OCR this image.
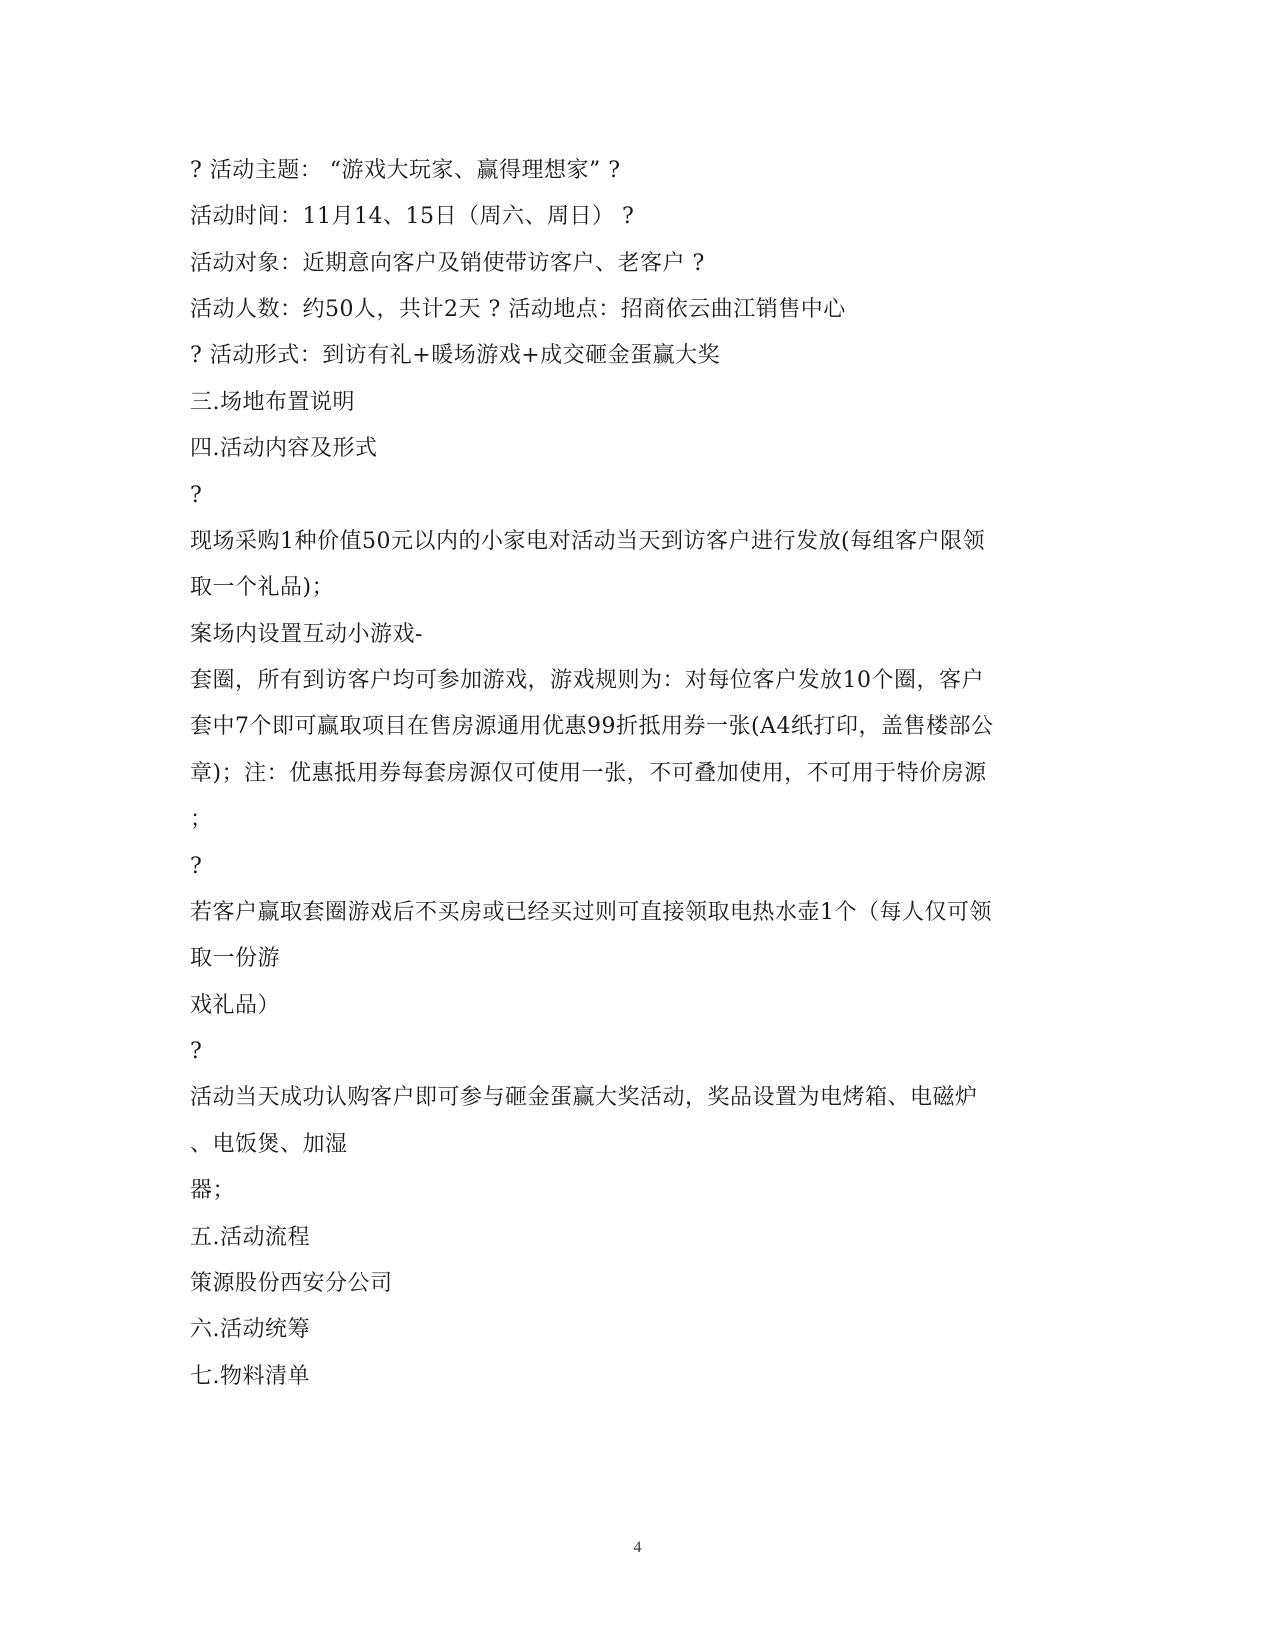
? 活动主题： “游戏大玩家、赢得理想家” ?
活动时间：11月14、15日（周六、周日） ?
活动对象：近期意向客户及销使带访客户、老客户 ?
活动人数：约50人，共计2天 ? 活动地点：招商依云曲江销售中心
? 活动形式：到访有礼+暖场游戏+成交砸金蛋赢大奖
三.场地布置说明
四.活动内容及形式
?
现场采购1种价值50元以内的小家电对活动当天到访客户进行发放(每组客户限领
取一个礼品)；
案场内设置互动小游戏-
套圈，所有到访客户均可参加游戏，游戏规则为：对每位客户发放10个圈，客户
套中7个即可赢取项目在售房源通用优惠99折抵用券一张(A4纸打印，盖售楼部公
章)；注：优惠抵用券每套房源仅可使用一张，不可叠加使用，不可用于特价房源
；
?
若客户赢取套圈游戏后不买房或已经买过则可直接领取电热水壶1个（每人仅可领
取一份游
戏礼品）
?
活动当天成功认购客户即可参与砸金蛋赢大奖活动，奖品设置为电烤箱、电磁炉
、电饭煲、加湿
器；
五.活动流程
策源股份西安分公司
六.活动统筹
七.物料清单
4
